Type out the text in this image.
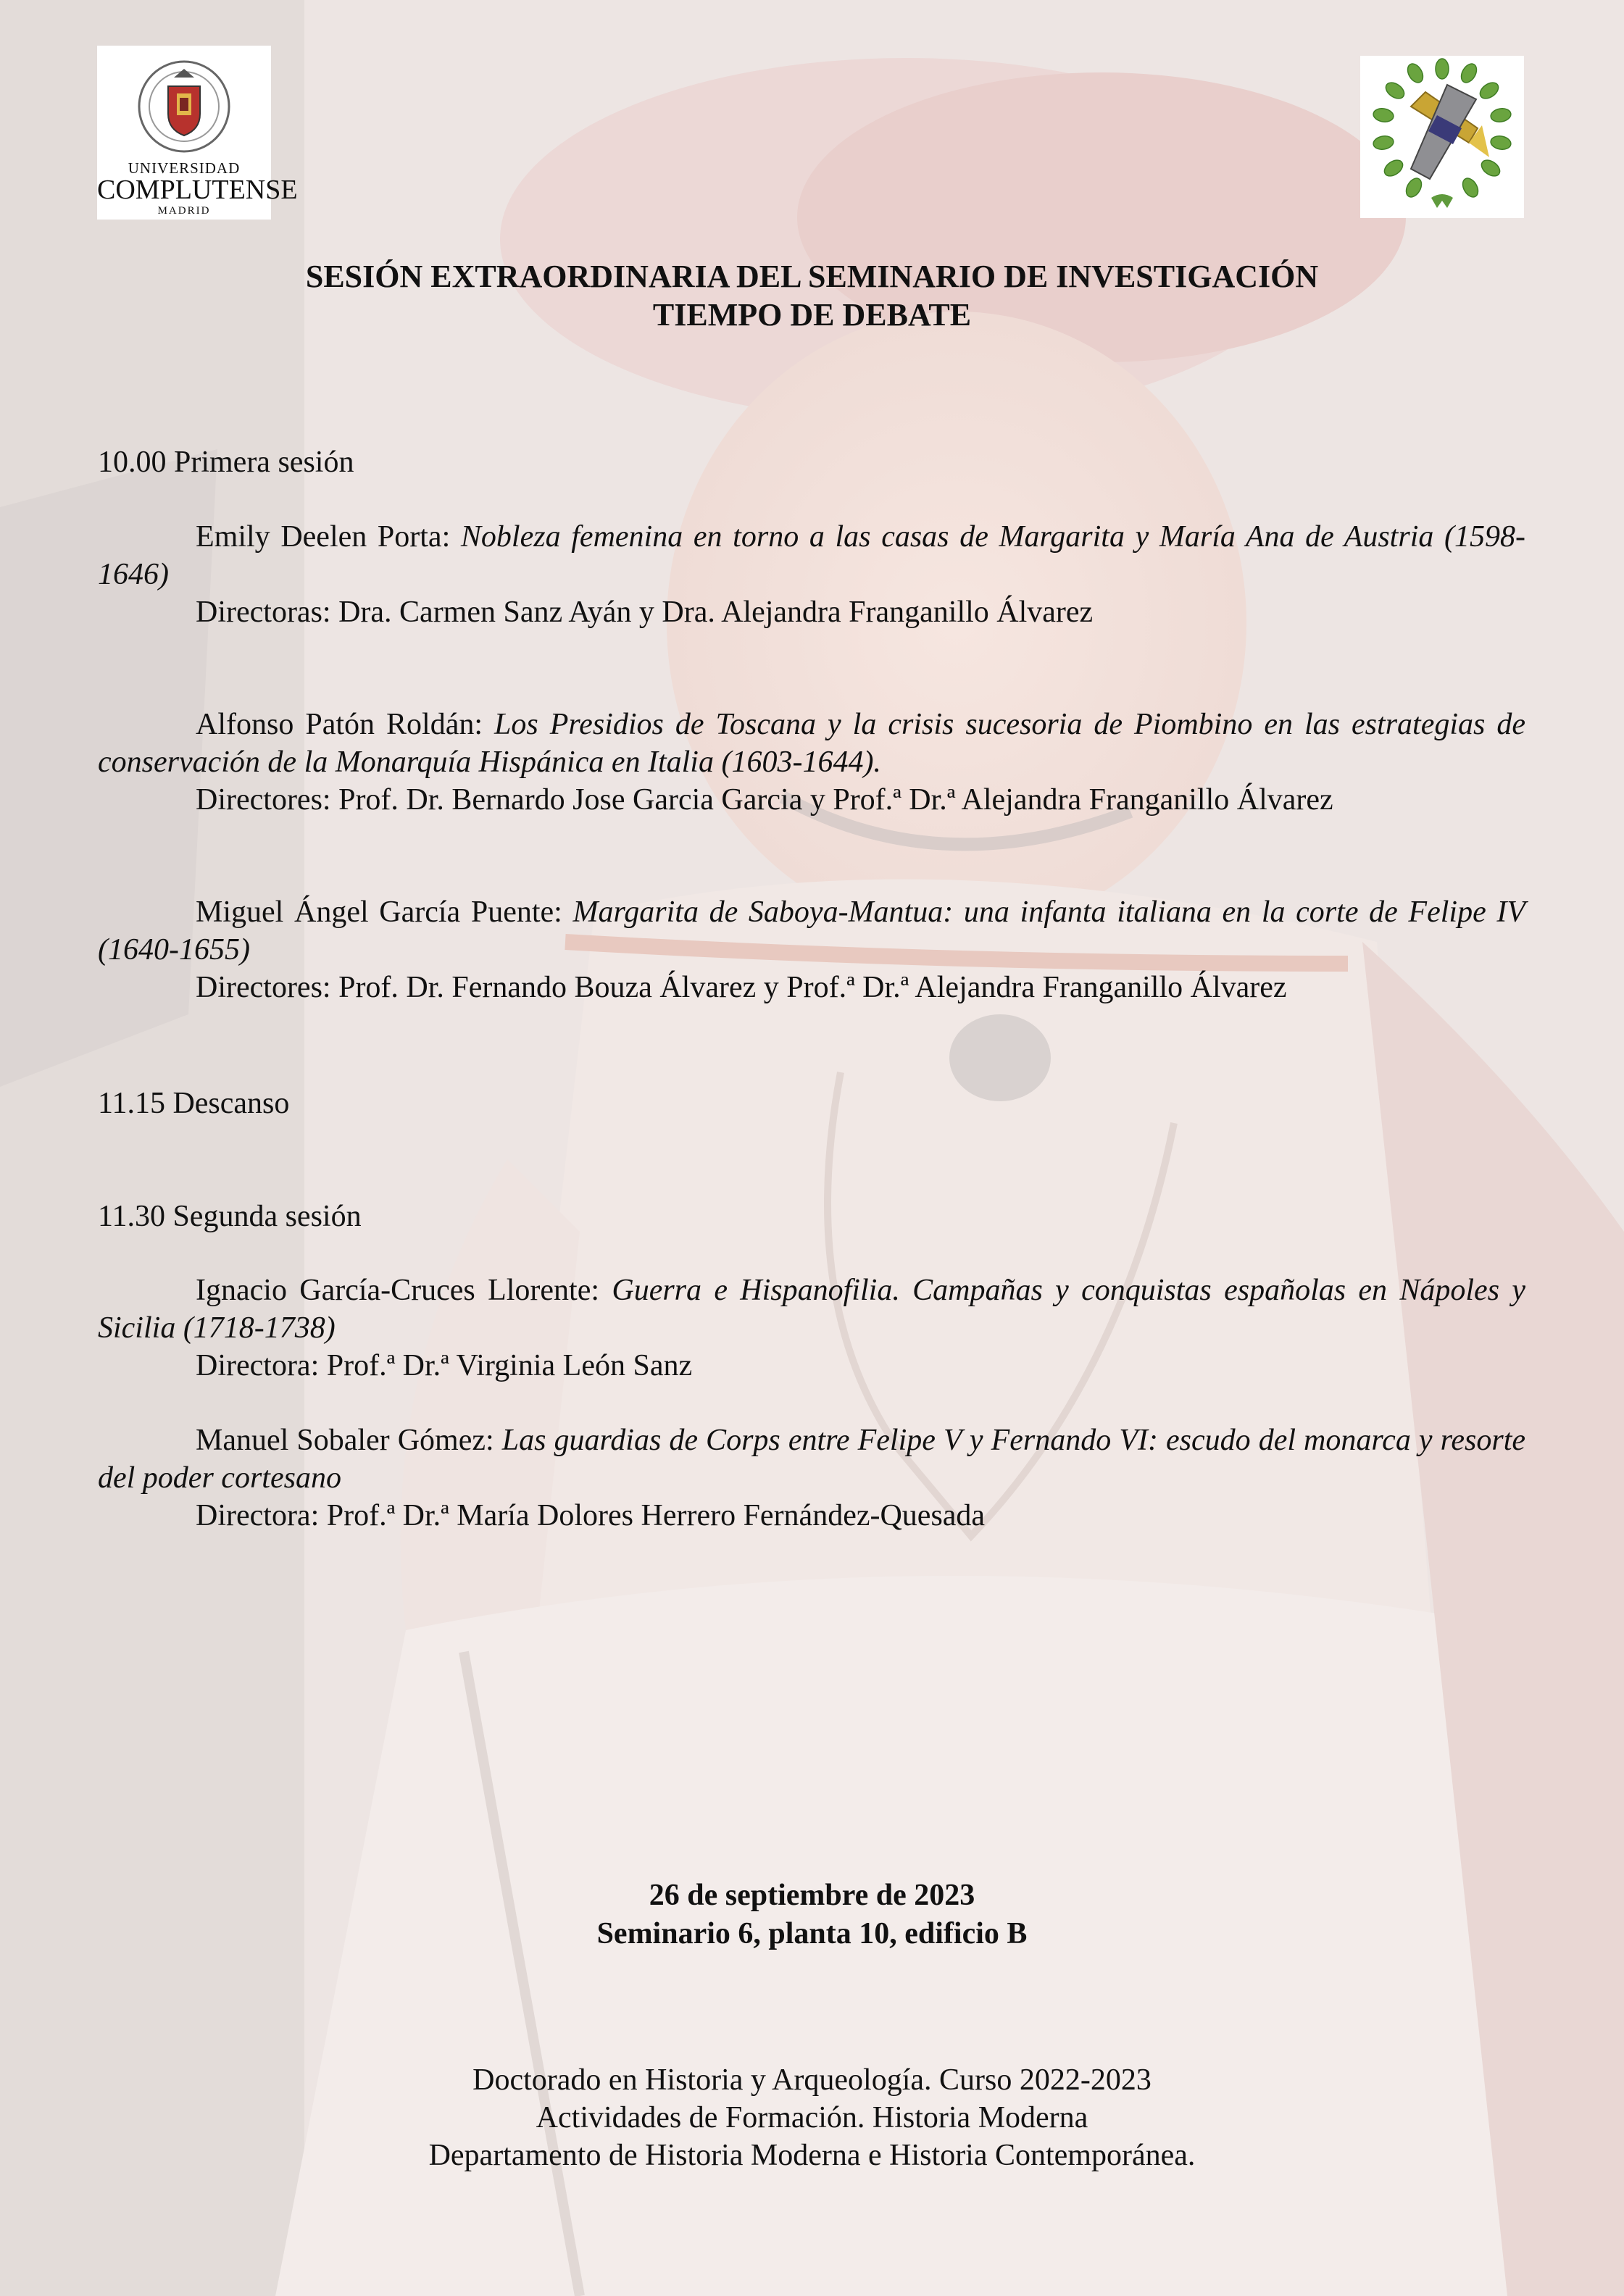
UNIVERSIDAD
COMPLUTENSE
MADRID
SESIÓN EXTRAORDINARIA DEL SEMINARIO DE INVESTIGACIÓN
TIEMPO DE DEBATE
10.00 Primera sesión

Emily Deelen Porta: Nobleza femenina en torno a las casas de Margarita y María Ana de Austria (1598-1646)

Directoras: Dra. Carmen Sanz Ayán y Dra. Alejandra Franganillo Álvarez

Alfonso Patón Roldán: Los Presidios de Toscana y la crisis sucesoria de Piombino en las estrategias de conservación de la Monarquía Hispánica en Italia (1603-1644).

Directores: Prof. Dr. Bernardo Jose Garcia Garcia y Prof.ª Dr.ª Alejandra Franganillo Álvarez

Miguel Ángel García Puente: Margarita de Saboya-Mantua: una infanta italiana en la corte de Felipe IV (1640-1655)

Directores: Prof. Dr. Fernando Bouza Álvarez y Prof.ª Dr.ª Alejandra Franganillo Álvarez

11.15 Descanso
11.30 Segunda sesión

Ignacio García-Cruces Llorente: Guerra e Hispanofilia. Campañas y conquistas españolas en Nápoles y Sicilia (1718-1738)

Directora: Prof.ª Dr.ª Virginia León Sanz

Manuel Sobaler Gómez: Las guardias de Corps entre Felipe V y Fernando VI: escudo del monarca y resorte del poder cortesano

Directora: Prof.ª Dr.ª María Dolores Herrero Fernández-Quesada

26 de septiembre de 2023
Seminario 6, planta 10, edificio B
Doctorado en Historia y Arqueología. Curso 2022-2023
Actividades de Formación. Historia Moderna
Departamento de Historia Moderna e Historia Contemporánea.
